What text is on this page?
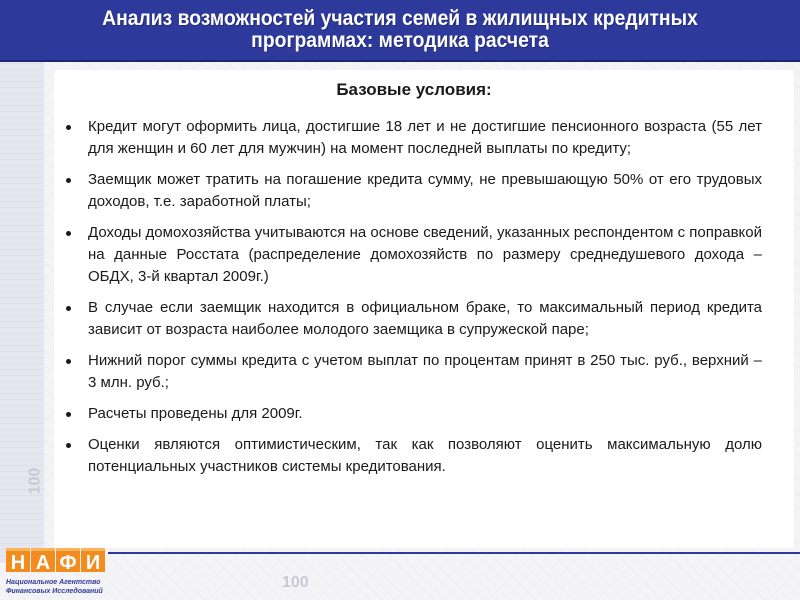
Анализ возможностей участия семей в жилищных кредитных программах: методика расчета
100
100
Базовые условия:
Кредит могут оформить лица, достигшие 18 лет и не достигшие пенсионного возраста (55 лет для женщин и 60 лет для мужчин) на момент последней выплаты по кредиту;
Заемщик может тратить на погашение кредита сумму, не превышающую 50% от его трудовых доходов, т.е. заработной платы;
Доходы домохозяйства учитываются на основе сведений, указанных респондентом с поправкой на данные Росстата (распределение домохозяйств по размеру среднедушевого дохода – ОБДХ, 3-й квартал 2009г.)
В случае если заемщик находится в официальном браке, то максимальный период кредита зависит от возраста наиболее молодого заемщика в супружеской паре;
Нижний порог суммы кредита с учетом выплат по процентам принят в 250 тыс. руб., верхний – 3 млн. руб.;
Расчеты проведены для 2009г.
Оценки являются оптимистическим, так как позволяют оценить максимальную долю потенциальных участников системы кредитования.
Н А Ф И
Национальное Агентство
Финансовых Исследований
